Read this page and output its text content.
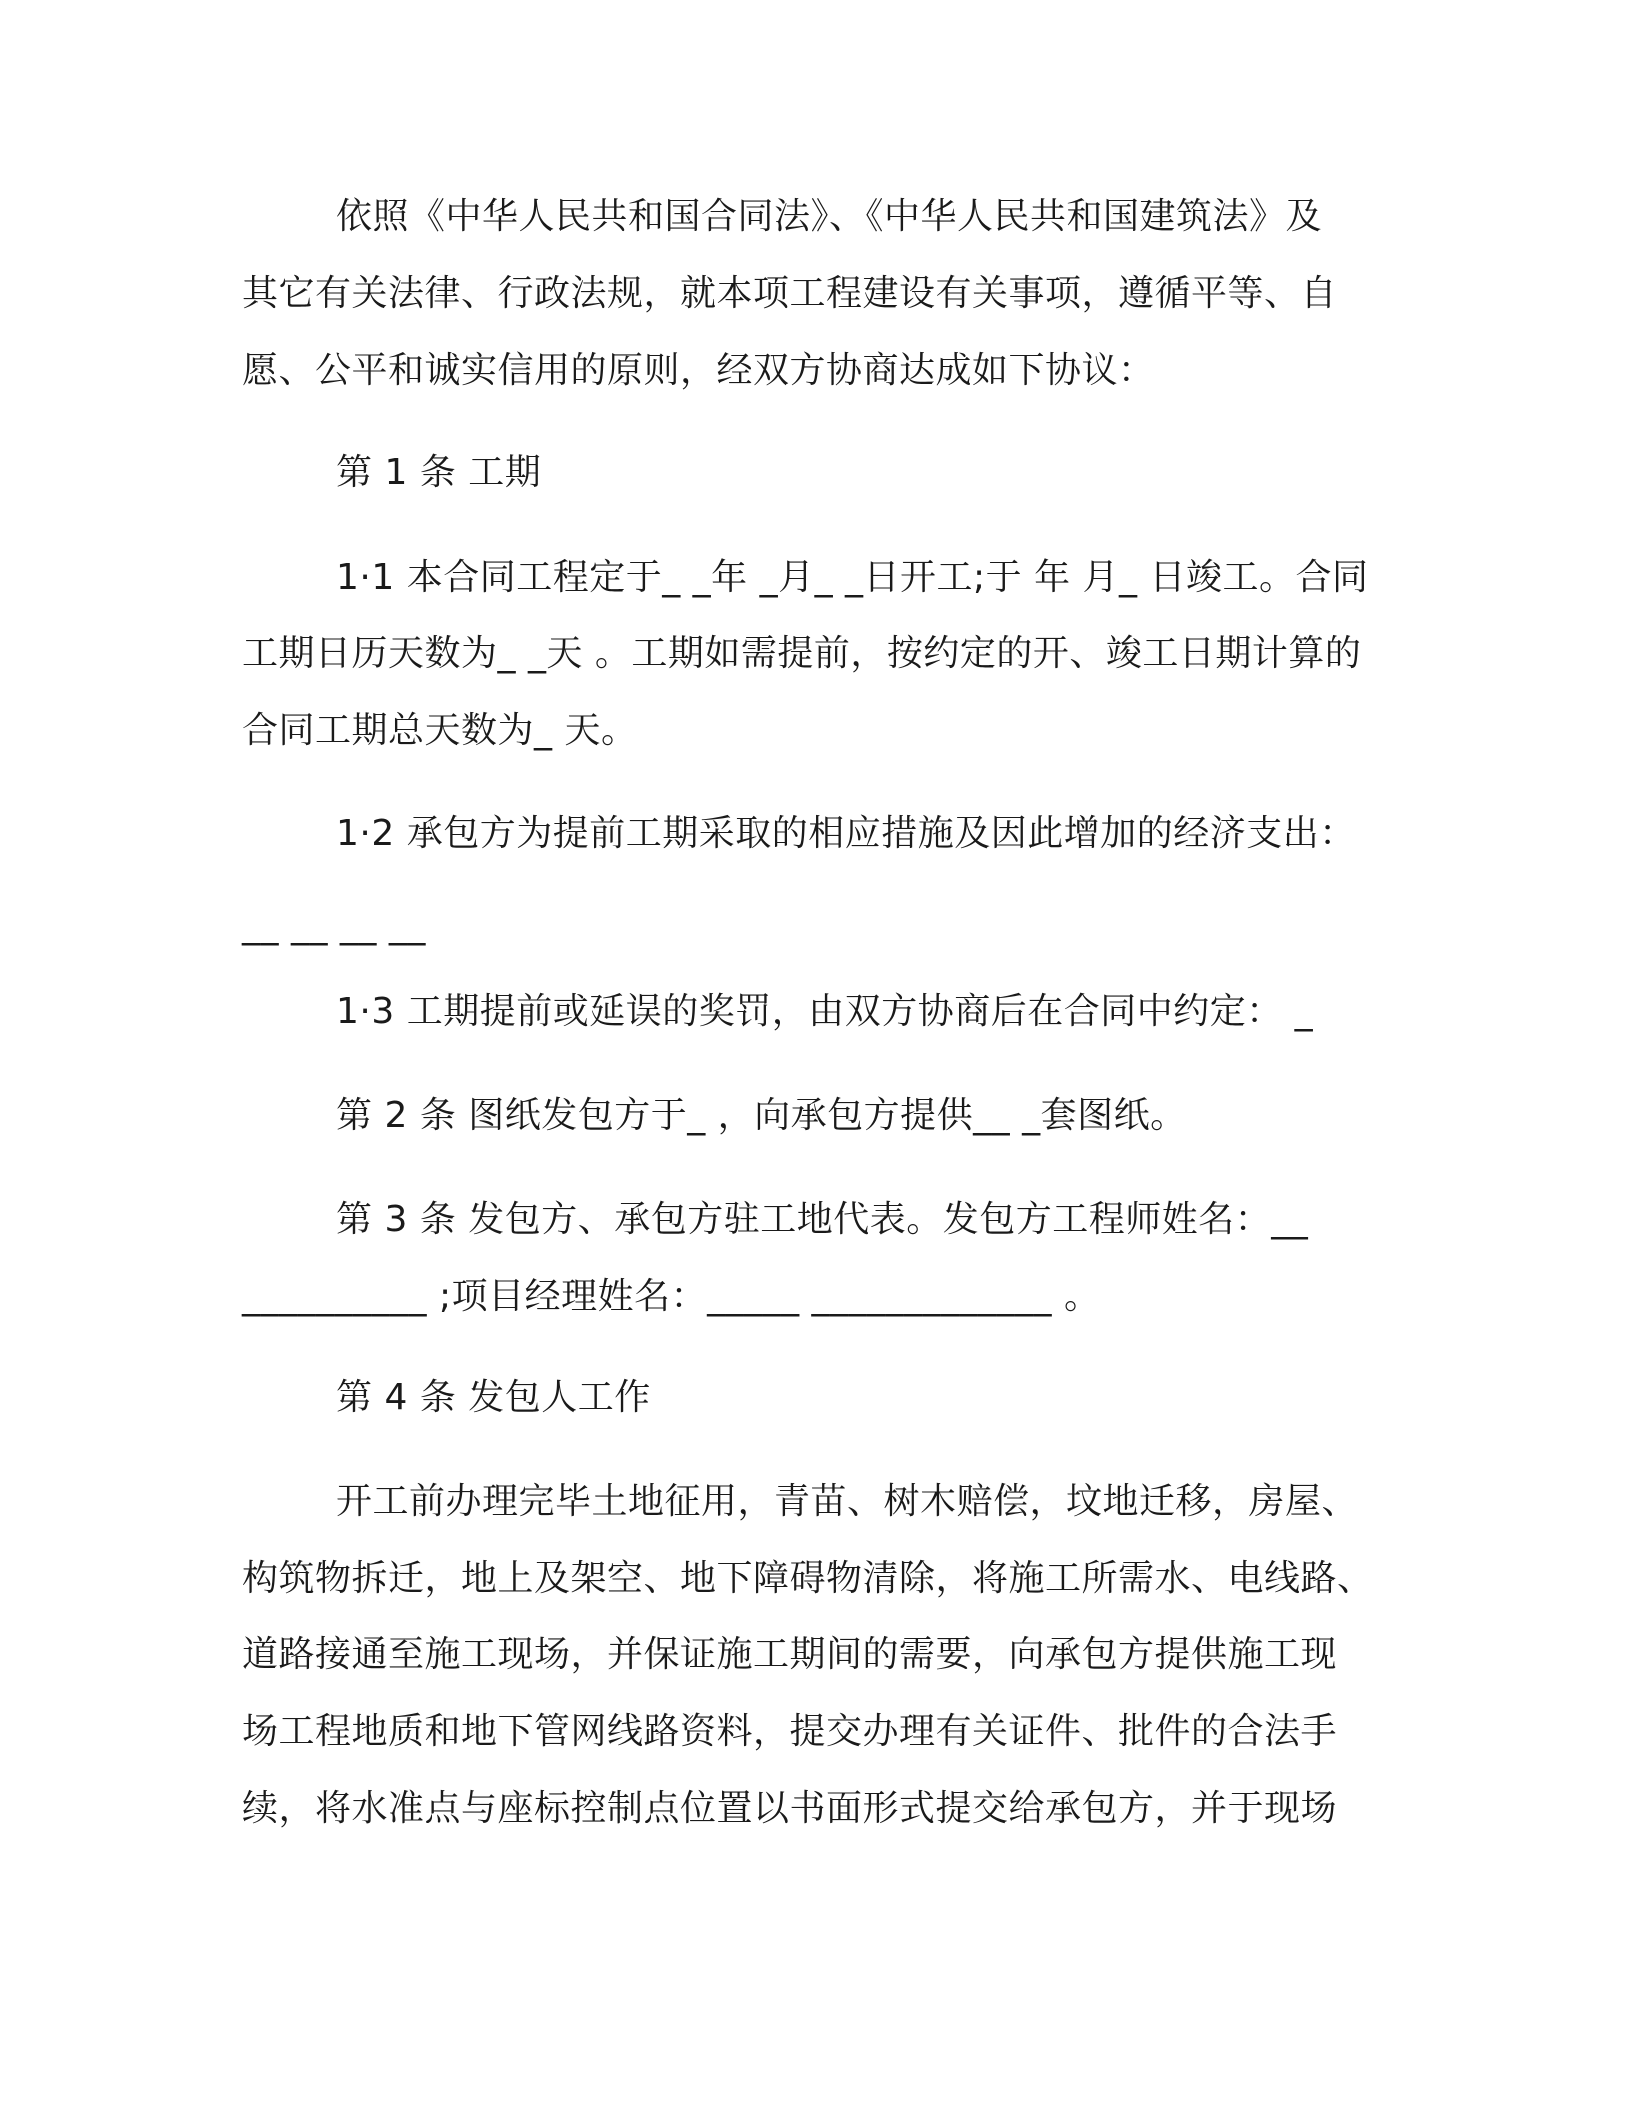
依照《中华人民共和国合同法》、《中华人民共和国建筑法》及
其它有关法律、行政法规，就本项工程建设有关事项，遵循平等、自
愿、公平和诚实信用的原则，经双方协商达成如下协议：
第 1 条 工期
1·1 本合同工程定于_ _年 _月_ _日开工;于 年 月_ 日竣工。合同
工期日历天数为_ _天 。工期如需提前，按约定的开、竣工日期计算的
合同工期总天数为_ 天。
1·2 承包方为提前工期采取的相应措施及因此增加的经济支出：
__ __ __ __
1·3 工期提前或延误的奖罚，由双方协商后在合同中约定： _
第 2 条 图纸发包方于_ ，向承包方提供__ _套图纸。
第 3 条 发包方、承包方驻工地代表。发包方工程师姓名：__
__________ ;项目经理姓名：_____ _____________ 。
第 4 条 发包人工作
开工前办理完毕土地征用，青苗、树木赔偿，坟地迁移，房屋、
构筑物拆迁，地上及架空、地下障碍物清除，将施工所需水、电线路、
道路接通至施工现场，并保证施工期间的需要，向承包方提供施工现
场工程地质和地下管网线路资料，提交办理有关证件、批件的合法手
续，将水准点与座标控制点位置以书面形式提交给承包方，并于现场
